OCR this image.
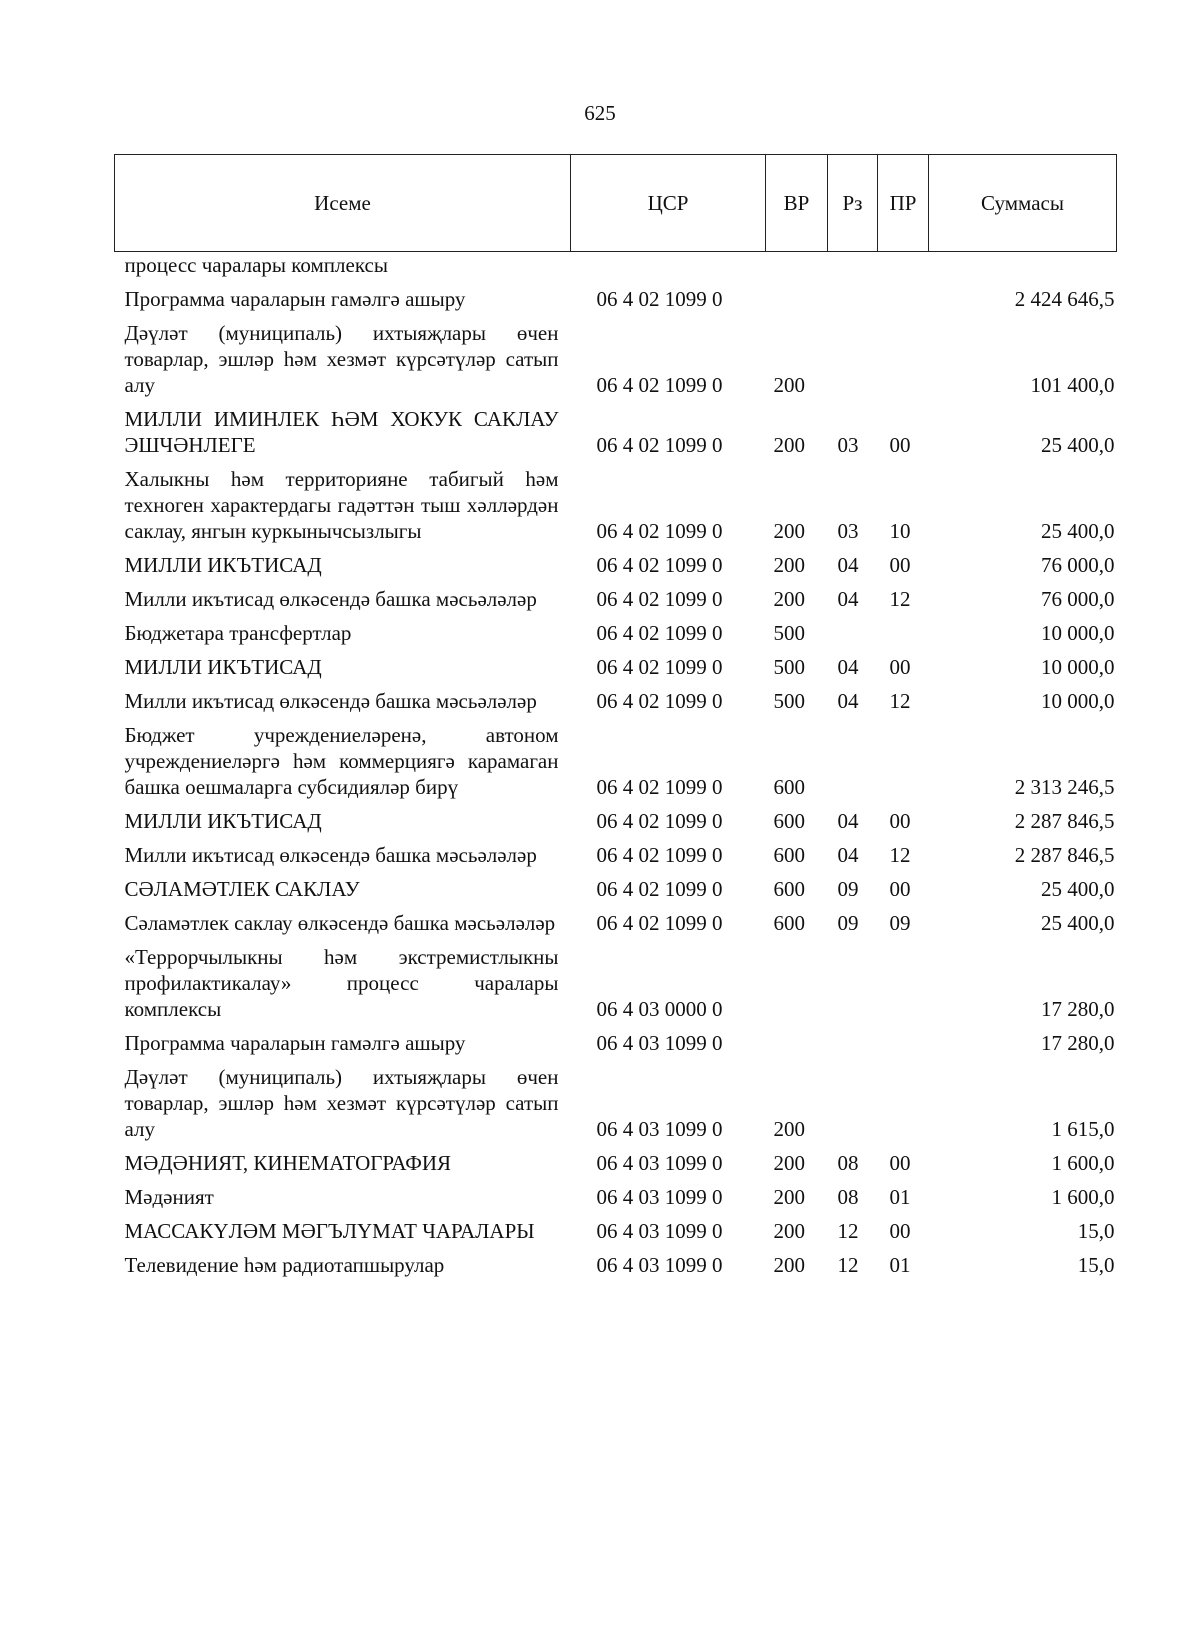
625
Исеме	ЦСР	ВР	Рз	ПР	Суммасы
процесс чаралары комплексы					
Программа чараларын гамәлгә ашыру	06 4 02 1099 0				2 424 646,5
Дәүләт (муниципаль) ихтыяҗлары өчен товарлар, эшләр һәм хезмәт күрсәтүләр сатып алу	06 4 02 1099 0	200			101 400,0
МИЛЛИ ИМИНЛЕК ҺӘМ ХОКУК САКЛАУ ЭШЧӘНЛЕГЕ	06 4 02 1099 0	200	03	00	25 400,0
Халыкны һәм территорияне табигый һәм техноген характердагы гадәттән тыш хәлләрдән саклау, янгын куркынычсызлыгы	06 4 02 1099 0	200	03	10	25 400,0
МИЛЛИ ИКЪТИСАД	06 4 02 1099 0	200	04	00	76 000,0
Милли икътисад өлкәсендә башка мәсьәләләр	06 4 02 1099 0	200	04	12	76 000,0
Бюджетара трансфертлар	06 4 02 1099 0	500			10 000,0
МИЛЛИ ИКЪТИСАД	06 4 02 1099 0	500	04	00	10 000,0
Милли икътисад өлкәсендә башка мәсьәләләр	06 4 02 1099 0	500	04	12	10 000,0
Бюджет учреждениеләренә, автоном учреждениеләргә һәм коммерциягә карамаган башка оешмаларга субсидияләр бирү	06 4 02 1099 0	600			2 313 246,5
МИЛЛИ ИКЪТИСАД	06 4 02 1099 0	600	04	00	2 287 846,5
Милли икътисад өлкәсендә башка мәсьәләләр	06 4 02 1099 0	600	04	12	2 287 846,5
СӘЛАМӘТЛЕК САКЛАУ	06 4 02 1099 0	600	09	00	25 400,0
Сәламәтлек саклау өлкәсендә башка мәсьәләләр	06 4 02 1099 0	600	09	09	25 400,0
«Террорчылыкны һәм экстремистлыкны профилактикалау» процесс чаралары комплексы	06 4 03 0000 0				17 280,0
Программа чараларын гамәлгә ашыру	06 4 03 1099 0				17 280,0
Дәүләт (муниципаль) ихтыяҗлары өчен товарлар, эшләр һәм хезмәт күрсәтүләр сатып алу	06 4 03 1099 0	200			1 615,0
МӘДӘНИЯТ, КИНЕМАТОГРАФИЯ	06 4 03 1099 0	200	08	00	1 600,0
Мәдәният	06 4 03 1099 0	200	08	01	1 600,0
МАССАКҮЛӘМ МӘГЪЛҮМАТ ЧАРАЛАРЫ	06 4 03 1099 0	200	12	00	15,0
Телевидение һәм радиотапшырулар	06 4 03 1099 0	200	12	01	15,0
